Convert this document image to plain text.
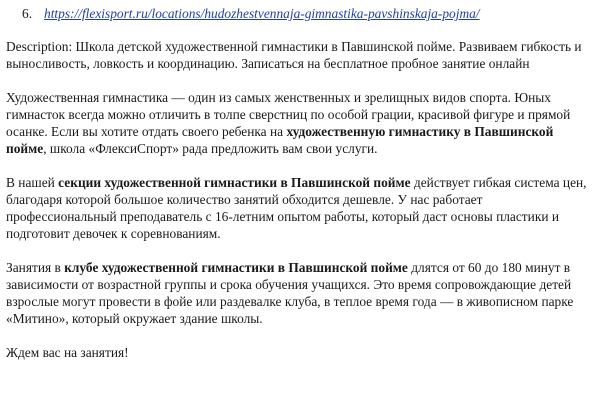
6. https://flexisport.ru/locations/hudozhestvennaja-gimnastika-pavshinskaja-pojma/

Description: Школа детской художественной гимнастики в Павшинской пойме. Развиваем гибкость и выносливость, ловкость и координацию. Записаться на бесплатное пробное занятие онлайн

Художественная гимнастика — один из самых женственных и зрелищных видов спорта. Юных гимнасток всегда можно отличить в толпе сверстниц по особой грации, красивой фигуре и прямой осанке. Если вы хотите отдать своего ребенка на художественную гимнастику в Павшинской пойме, школа «ФлексиСпорт» рада предложить вам свои услуги.

В нашей секции художественной гимнастики в Павшинской пойме действует гибкая система цен, благодаря которой большое количество занятий обходится дешевле. У нас работает профессиональный преподаватель с 16-летним опытом работы, который даст основы пластики и подготовит девочек к соревнованиям.

Занятия в клубе художественной гимнастики в Павшинской пойме длятся от 60 до 180 минут в зависимости от возрастной группы и срока обучения учащихся. Это время сопровождающие детей взрослые могут провести в фойе или раздевалке клуба, в теплое время года — в живописном парке «Митино», который окружает здание школы.

Ждем вас на занятия!
